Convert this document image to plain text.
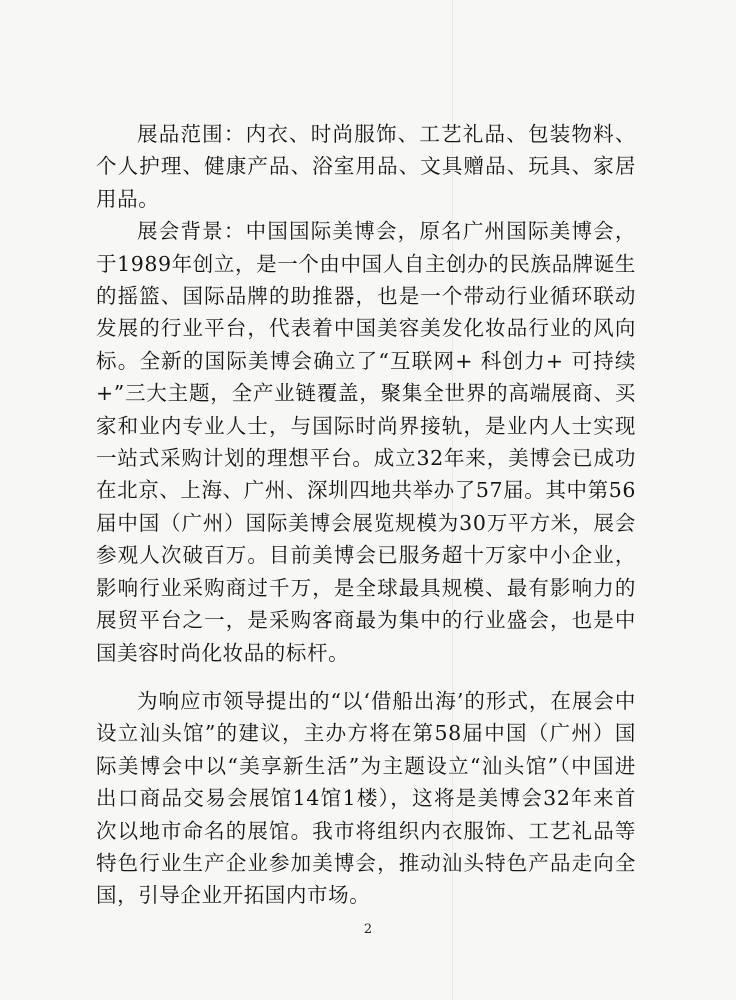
展品范围：内衣、时尚服饰、工艺礼品、包装物料、个人护理、健康产品、浴室用品、文具赠品、玩具、家居用品。

展会背景：中国国际美博会，原名广州国际美博会，于1989年创立，是一个由中国人自主创办的民族品牌诞生的摇篮、国际品牌的助推器，也是一个带动行业循环联动发展的行业平台，代表着中国美容美发化妆品行业的风向标。全新的国际美博会确立了“互联网+ 科创力+ 可持续+”三大主题，全产业链覆盖，聚集全世界的高端展商、买家和业内专业人士，与国际时尚界接轨，是业内人士实现一站式采购计划的理想平台。成立32年来，美博会已成功在北京、上海、广州、深圳四地共举办了57届。其中第56届中国（广州）国际美博会展览规模为30万平方米，展会参观人次破百万。目前美博会已服务超十万家中小企业，影响行业采购商过千万，是全球最具规模、最有影响力的展贸平台之一，是采购客商最为集中的行业盛会，也是中国美容时尚化妆品的标杆。

为响应市领导提出的“以‘借船出海’的形式，在展会中设立汕头馆”的建议，主办方将在第58届中国（广州）国际美博会中以“美享新生活”为主题设立“汕头馆”（中国进出口商品交易会展馆14馆1楼），这将是美博会32年来首次以地市命名的展馆。我市将组织内衣服饰、工艺礼品等特色行业生产企业参加美博会，推动汕头特色产品走向全国，引导企业开拓国内市场。

2
